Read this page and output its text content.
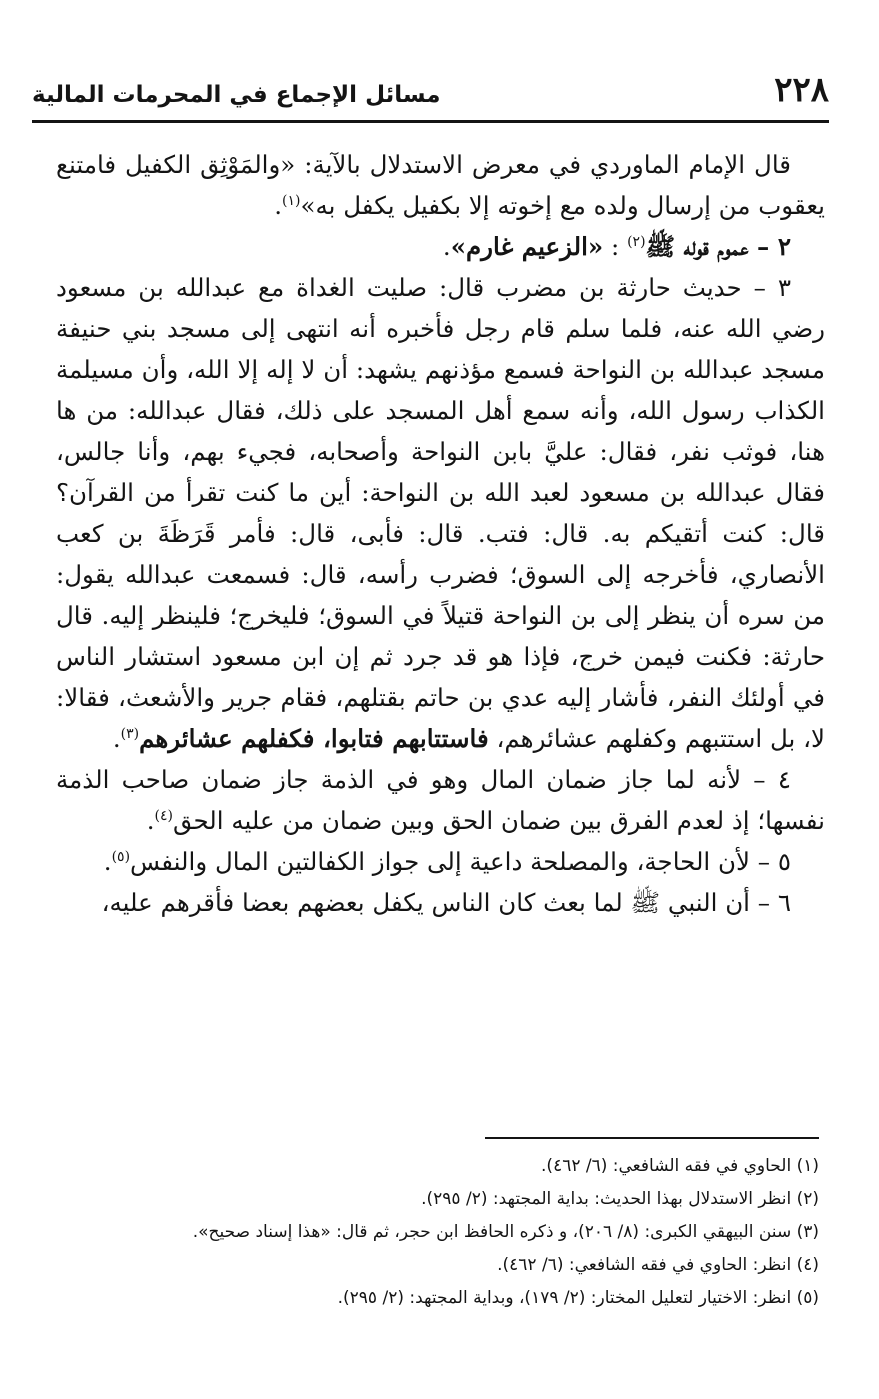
٢٢٨
مسائل الإجماع في المحرمات المالية

قال الإمام الماوردي في معرض الاستدلال بالآية: «والمَوْثِق الكفيل فامتنع يعقوب من إرسال ولده مع إخوته إلا بكفيل يكفل به»$^{(١)}$.

٢ – عموم قوله ﷺ$^{(٢)}$ : «الزعيم غارم».

٣ – حديث حارثة بن مضرب قال: صليت الغداة مع عبدالله بن مسعود رضي الله عنه، فلما سلم قام رجل فأخبره أنه انتهى إلى مسجد بني حنيفة مسجد عبدالله بن النواحة فسمع مؤذنهم يشهد: أن لا إله إلا الله، وأن مسيلمة الكذاب رسول الله، وأنه سمع أهل المسجد على ذلك، فقال عبدالله: من ها هنا، فوثب نفر، فقال: عليَّ بابن النواحة وأصحابه، فجيء بهم، وأنا جالس، فقال عبدالله بن مسعود لعبد الله بن النواحة: أين ما كنت تقرأ من القرآن؟ قال: كنت أتقيكم به. قال: فتب. قال: فأبى، قال: فأمر قَرَظَةَ بن كعب الأنصاري، فأخرجه إلى السوق؛ فضرب رأسه، قال: فسمعت عبدالله يقول: من سره أن ينظر إلى بن النواحة قتيلاً في السوق؛ فليخرج؛ فلينظر إليه. قال حارثة: فكنت فيمن خرج، فإذا هو قد جرد ثم إن ابن مسعود استشار الناس في أولئك النفر، فأشار إليه عدي بن حاتم بقتلهم، فقام جرير والأشعث، فقالا: لا، بل استتبهم وكفلهم عشائرهم، فاستتابهم فتابوا، فكفلهم عشائرهم$^{(٣)}$.

٤ – لأنه لما جاز ضمان المال وهو في الذمة جاز ضمان صاحب الذمة نفسها؛ إذ لعدم الفرق بين ضمان الحق وبين ضمان من عليه الحق$^{(٤)}$.

٥ – لأن الحاجة، والمصلحة داعية إلى جواز الكفالتين المال والنفس$^{(٥)}$.

٦ – أن النبي ﷺ لما بعث كان الناس يكفل بعضهم بعضا فأقرهم عليه،

(١) الحاوي في فقه الشافعي: (٦/ ٤٦٢).
(٢) انظر الاستدلال بهذا الحديث: بداية المجتهد: (٢/ ٢٩٥).
(٣) سنن البيهقي الكبرى: (٨/ ٢٠٦)، و ذكره الحافظ ابن حجر، ثم قال: «هذا إسناد صحيح».
(٤) انظر: الحاوي في فقه الشافعي: (٦/ ٤٦٢).
(٥) انظر: الاختيار لتعليل المختار: (٢/ ١٧٩)، وبداية المجتهد: (٢/ ٢٩٥).
